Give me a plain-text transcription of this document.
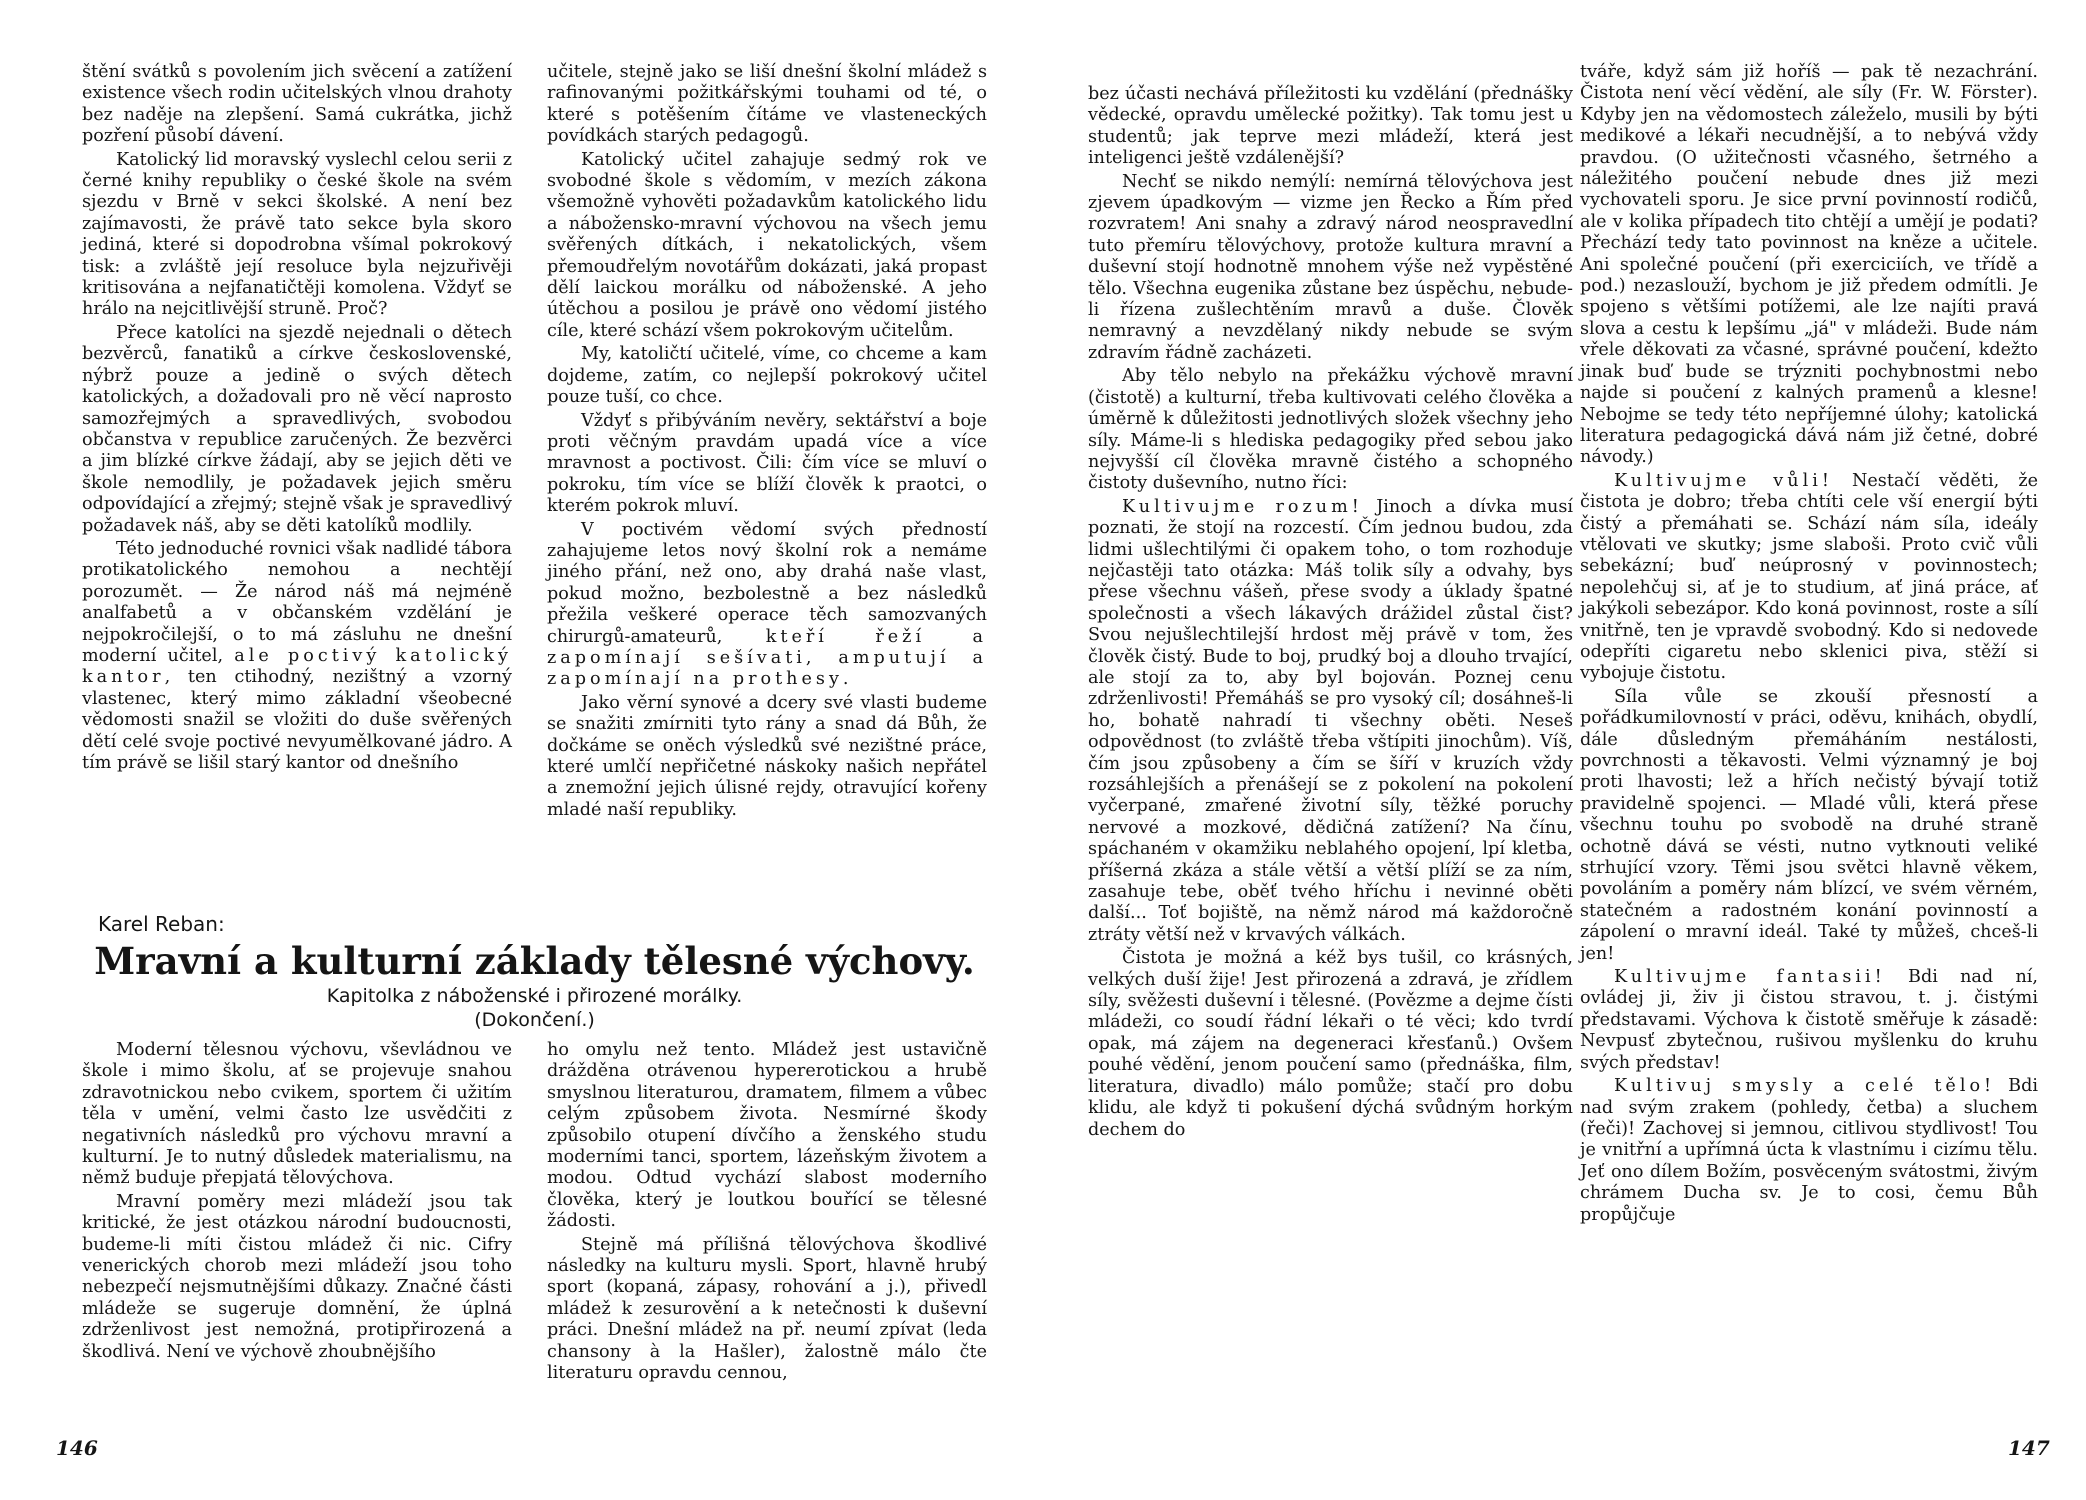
štění svátků s povolením jich svěcení a zatížení existence všech rodin učitelských vlnou drahoty bez naděje na zlepšení. Samá cukrátka, jichž pozření působí dávení.

Katolický lid moravský vyslechl celou serii z černé knihy republiky o české škole na svém sjezdu v Brně v sekci školské. A není bez zajímavosti, že právě tato sekce byla skoro jediná, které si dopodrobna všímal pokrokový tisk: a zvláště její resoluce byla nejzuřivěji kritisována a nejfanatičtěji komolena. Vždyť se hrálo na nejcitlivější struně. Proč?

Přece katolíci na sjezdě nejednali o dětech bezvěrců, fanatiků a církve československé, nýbrž pouze a jedině o svých dětech katolických, a dožadovali pro ně věcí naprosto samozřejmých a spravedlivých, svobodou občanstva v republice zaručených. Že bezvěrci a jim blízké církve žádají, aby se jejich děti ve škole nemodlily, je požadavek jejich směru odpovídající a zřejmý; stejně však je spravedlivý požadavek náš, aby se děti katolíků modlily.

Této jednoduché rovnici však nadlidé tábora protikatolického nemohou a nechtějí porozumět. — Že národ náš má nejméně analfabetů a v občanském vzdělání je nejpokročilejší, o to má zásluhu ne dnešní moderní učitel, ale poctivý katolický kantor, ten ctihodný, nezištný a vzorný vlastenec, který mimo základní všeobecné vědomosti snažil se vložiti do duše svěřených dětí celé svoje poctivé nevyumělkované jádro. A tím právě se lišil starý kantor od dnešního

učitele, stejně jako se liší dnešní školní mládež s rafinovanými požitkářskými touhami od té, o které s potěšením čítáme ve vlasteneckých povídkách starých pedagogů.

Katolický učitel zahajuje sedmý rok ve svobodné škole s vědomím, v mezích zákona všemožně vyhověti požadavkům katolického lidu a nábožensko-mravní výchovou na všech jemu svěřených dítkách, i nekatolických, všem přemoudřelým novotářům dokázati, jaká propast dělí laickou morálku od náboženské. A jeho útěchou a posilou je právě ono vědomí jistého cíle, které schází všem pokrokovým učitelům.

My, katoličtí učitelé, víme, co chceme a kam dojdeme, zatím, co nejlepší pokrokový učitel pouze tuší, co chce.

Vždyť s přibýváním nevěry, sektářství a boje proti věčným pravdám upadá více a více mravnost a poctivost. Čili: čím více se mluví o pokroku, tím více se blíží člověk k praotci, o kterém pokrok mluví.

V poctivém vědomí svých předností zahajujeme letos nový školní rok a nemáme jiného přání, než ono, aby drahá naše vlast, pokud možno, bezbolestně a bez následků přežila veškeré operace těch samozvaných chirurgů-amateurů, kteří řeží a zapomínají sešívati, amputují a zapomínají na prothesy.

Jako věrní synové a dcery své vlasti budeme se snažiti zmírniti tyto rány a snad dá Bůh, že dočkáme se oněch výsledků své nezištné práce, které umlčí nepřičetné náskoky našich nepřátel a znemožní jejich úlisné rejdy, otravující kořeny mladé naší republiky.

Karel Reban:
Mravní a kulturní základy tělesné výchovy.
Kapitolka z náboženské i přirozené morálky.
(Dokončení.)

Moderní tělesnou výchovu, vševládnou ve škole i mimo školu, ať se projevuje snahou zdravotnickou nebo cvikem, sportem či užitím těla v umění, velmi často lze usvědčiti z negativních následků pro výchovu mravní a kulturní. Je to nutný důsledek materialismu, na němž buduje přepjatá tělovýchova.

Mravní poměry mezi mládeží jsou tak kritické, že jest otázkou národní budoucnosti, budeme-li míti čistou mládež či nic. Cifry venerických chorob mezi mládeží jsou toho nebezpečí nejsmutnějšími důkazy. Značné části mládeže se sugeruje domnění, že úplná zdrženlivost jest nemožná, protipřirozená a škodlivá. Není ve výchově zhoubnějšího

ho omylu než tento. Mládež jest ustavičně drážděna otrávenou hypererotickou a hrubě smyslnou literaturou, dramatem, filmem a vůbec celým způsobem života. Nesmírné škody způsobilo otupení dívčího a ženského studu moderními tanci, sportem, lázeňským životem a modou. Odtud vychází slabost moderního člověka, který je loutkou bouřící se tělesné žádosti.

Stejně má přílišná tělovýchova škodlivé následky na kulturu mysli. Sport, hlavně hrubý sport (kopaná, zápasy, rohování a j.), přivedl mládež k zesurovění a k netečnosti k duševní práci. Dnešní mládež na př. neumí zpívat (leda chansony à la Hašler), žalostně málo čte literaturu opravdu cennou,

146

bez účasti nechává příležitosti ku vzdělání (přednášky vědecké, opravdu umělecké požitky). Tak tomu jest u studentů; jak teprve mezi mládeží, která jest inteligenci ještě vzdálenější?

Nechť se nikdo nemýlí: nemírná tělovýchova jest zjevem úpadkovým — vizme jen Řecko a Řím před rozvratem! Ani snahy a zdravý národ neospravedlní tuto přemíru tělovýchovy, protože kultura mravní a duševní stojí hodnotně mnohem výše než vypěstěné tělo. Všechna eugenika zůstane bez úspěchu, nebude-li řízena zušlechtěním mravů a duše. Člověk nemravný a nevzdělaný nikdy nebude se svým zdravím řádně zacházeti.

Aby tělo nebylo na překážku výchově mravní (čistotě) a kulturní, třeba kultivovati celého člověka a úměrně k důležitosti jednotlivých složek všechny jeho síly. Máme-li s hlediska pedagogiky před sebou jako nejvyšší cíl člověka mravně čistého a schopného čistoty duševního, nutno říci:

Kultivujme rozum! Jinoch a dívka musí poznati, že stojí na rozcestí. Čím jednou budou, zda lidmi ušlechtilými či opakem toho, o tom rozhoduje nejčastěji tato otázka: Máš tolik síly a odvahy, bys přese všechnu vášeň, přese svody a úklady špatné společnosti a všech lákavých drážidel zůstal čist? Svou nejušlechtilejší hrdost měj právě v tom, žes člověk čistý. Bude to boj, prudký boj a dlouho trvající, ale stojí za to, aby byl bojován. Poznej cenu zdrženlivosti! Přemáháš se pro vysoký cíl; dosáhneš-li ho, bohatě nahradí ti všechny oběti. Neseš odpovědnost (to zvláště třeba vštípiti jinochům). Víš, čím jsou způsobeny a čím se šíří v kruzích vždy rozsáhlejších a přenášejí se z pokolení na pokolení vyčerpané, zmařené životní síly, těžké poruchy nervové a mozkové, dědičná zatížení? Na čínu, spáchaném v okamžiku neblahého opojení, lpí kletba, příšerná zkáza a stále větší a větší plíží se za ním, zasahuje tebe, oběť tvého hříchu i nevinné oběti další... Toť bojiště, na němž národ má každoročně ztráty větší než v krvavých válkách.

Čistota je možná a kéž bys tušil, co krásných, velkých duší žije! Jest přirozená a zdravá, je zřídlem síly, svěžesti duševní i tělesné. (Povězme a dejme čísti mládeži, co soudí řádní lékaři o té věci; kdo tvrdí opak, má zájem na degeneraci křesťanů.) Ovšem pouhé vědění, jenom poučení samo (přednáška, film, literatura, divadlo) málo pomůže; stačí pro dobu klidu, ale když ti pokušení dýchá svůdným horkým dechem do

tváře, když sám již hoříš — pak tě nezachrání. Čistota není věcí vědění, ale síly (Fr. W. Förster). Kdyby jen na vědomostech záleželo, musili by býti medikové a lékaři necudnější, a to nebývá vždy pravdou. (O užitečnosti včasného, šetrného a náležitého poučení nebude dnes již mezi vychovateli sporu. Je sice první povinností rodičů, ale v kolika případech tito chtějí a umějí je podati? Přechází tedy tato povinnost na kněze a učitele. Ani společné poučení (při exerciciích, ve třídě a pod.) nezaslouží, bychom je již předem odmítli. Je spojeno s většími potížemi, ale lze najíti pravá slova a cestu k lepšímu „já" v mládeži. Bude nám vřele děkovati za včasné, správné poučení, kdežto jinak buď bude se trýzniti pochybnostmi nebo najde si poučení z kalných pramenů a klesne! Nebojme se tedy této nepříjemné úlohy; katolická literatura pedagogická dává nám již četné, dobré návody.)

Kultivujme vůli! Nestačí věděti, že čistota je dobro; třeba chtíti cele vší energií býti čistý a přemáhati se. Schází nám síla, ideály vtělovati ve skutky; jsme slaboši. Proto cvič vůli sebekázní; buď neúprosný v povinnostech; nepolehčuj si, ať je to studium, ať jiná práce, ať jakýkoli sebezápor. Kdo koná povinnost, roste a sílí vnitřně, ten je vpravdě svobodný. Kdo si nedovede odepříti cigaretu nebo sklenici piva, stěží si vybojuje čistotu.

Síla vůle se zkouší přesností a pořádkumilovností v práci, oděvu, knihách, obydlí, dále důsledným přemáháním nestálosti, povrchnosti a těkavosti. Velmi významný je boj proti lhavosti; lež a hřích nečistý bývají totiž pravidelně spojenci. — Mladé vůli, která přese všechnu touhu po svobodě na druhé straně ochotně dává se vésti, nutno vytknouti veliké strhující vzory. Těmi jsou světci hlavně věkem, povoláním a poměry nám blízcí, ve svém věrném, statečném a radostném konání povinností a zápolení o mravní ideál. Také ty můžeš, chceš-li jen!

Kultivujme fantasii! Bdi nad ní, ovládej ji, živ ji čistou stravou, t. j. čistými představami. Výchova k čistotě směřuje k zásadě: Nevpusť zbytečnou, rušivou myšlenku do kruhu svých představ!

Kultivuj smysly a celé tělo! Bdi nad svým zrakem (pohledy, četba) a sluchem (řeči)! Zachovej si jemnou, citlivou stydlivost! Tou je vnitřní a upřímná úcta k vlastnímu i cizímu tělu. Jeť ono dílem Božím, posvěceným svátostmi, živým chrámem Ducha sv. Je to cosi, čemu Bůh propůjčuje

147
